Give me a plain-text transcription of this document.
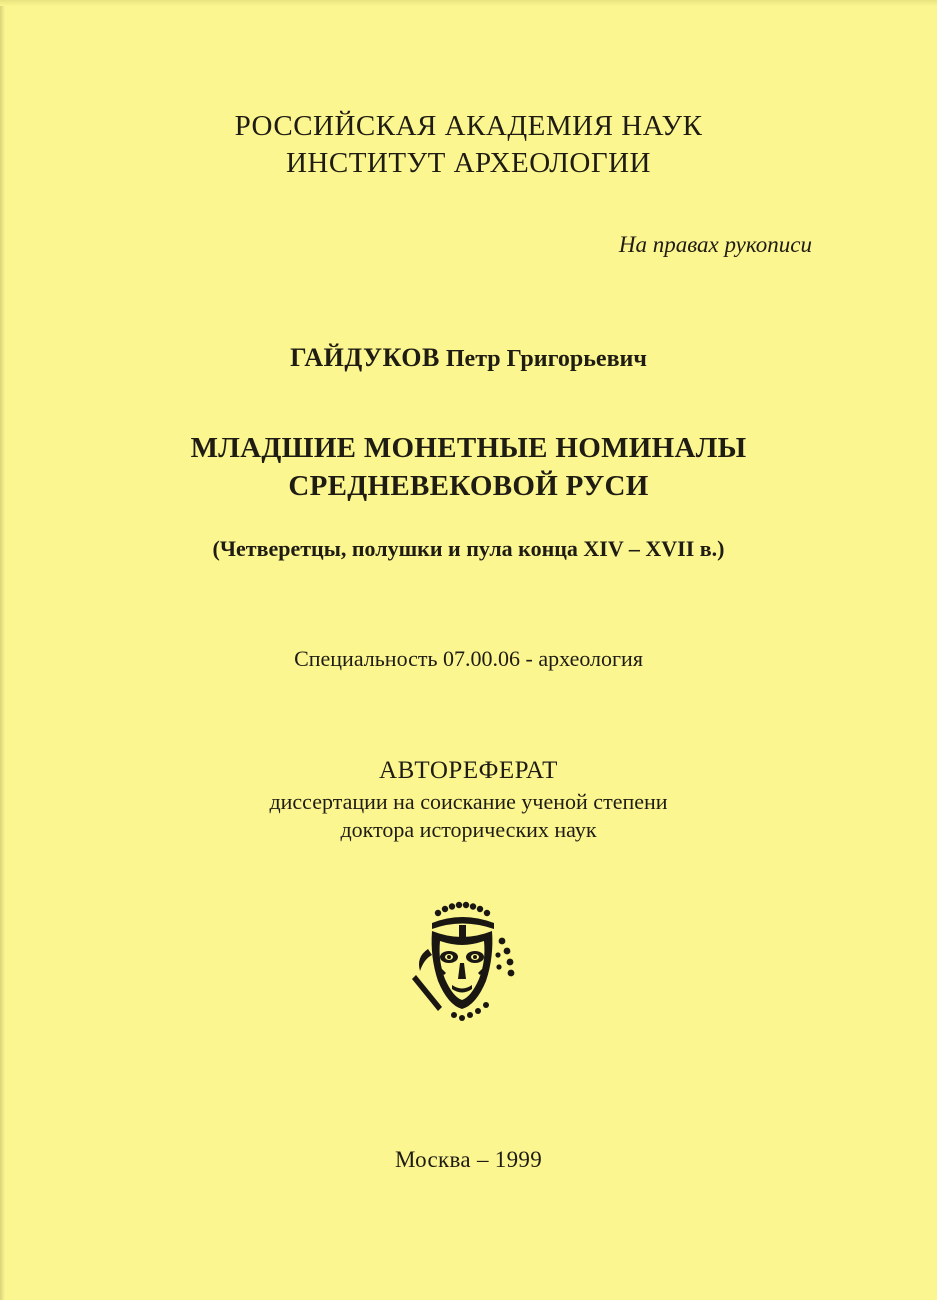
РОССИЙСКАЯ АКАДЕМИЯ НАУК
ИНСТИТУТ АРХЕОЛОГИИ
На правах рукописи
ГАЙДУКОВ Петр Григорьевич
МЛАДШИЕ МОНЕТНЫЕ НОМИНАЛЫ
СРЕДНЕВЕКОВОЙ РУСИ
(Четверетцы, полушки и пула конца XIV – XVII в.)
Специальность 07.00.06 - археология
АВТОРЕФЕРАТ
диссертации на соискание ученой степени
доктора исторических наук
Москва – 1999
